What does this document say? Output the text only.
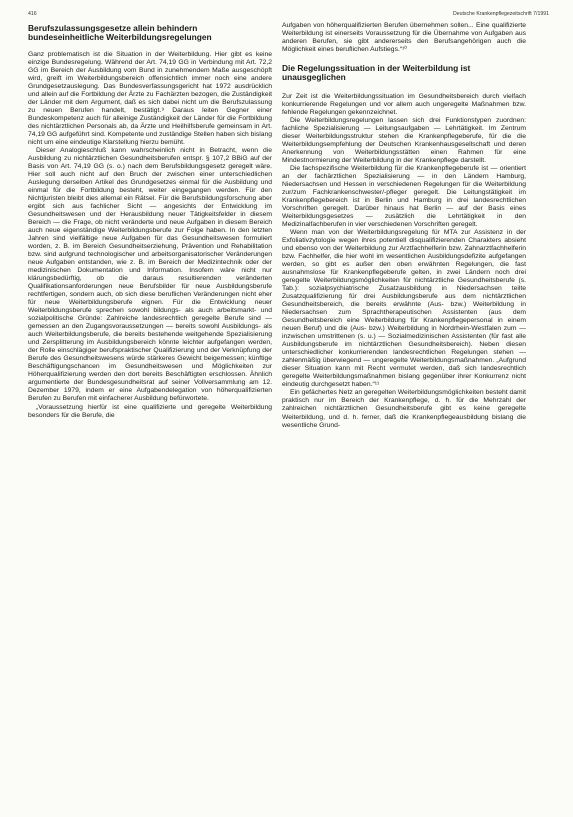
416	Deutsche Krankenpflegezeitschrift 7/1991
Berufszulassungsgesetze allein behindern bundeseinheitliche Weiterbildungsregelungen

Ganz problematisch ist die Situation in der Weiterbildung. Hier gibt es keine einzige Bundesregelung. Während der Art. 74,19 GG in Verbindung mit Art. 72,2 GG im Bereich der Ausbildung vom Bund in zunehmendem Maße ausgeschöpft wird, greift im Weiterbildungsbereich offensichtlich immer noch eine andere Grundgesetzauslegung. Das Bundesverfassungsgericht hat 1972 ausdrücklich und allein auf die Fortbildung der Ärzte zu Fachärzten bezogen, die Zuständigkeit der Länder mit dem Argument, daß es sich dabei nicht um die Berufszulassung zu neuen Berufen handelt, bestätigt.⁹ Daraus leiten Gegner einer Bundeskompetenz auch für alleinige Zuständigkeit der Länder für die Fortbildung des nichtärztlichen Personals ab, da Ärzte und Heilhilfsberufe gemeinsam in Art. 74,19 GG aufgeführt sind. Kompetente und zuständige Stellen haben sich bislang nicht um eine eindeutige Klarstellung hierzu bemüht.

Dieser Analogieschluß kann wahrscheinlich nicht in Betracht, wenn die Ausbildung zu nichtärztlichen Gesundheitsberufen entspr. § 107,2 BBiG auf der Basis von Art. 74,19 GG (s. o.) nach dem Berufsbildungsgesetz geregelt wäre. Hier soll auch nicht auf den Bruch der zwischen einer unterschiedlichen Auslegung derselben Artikel des Grundgesetzes einmal für die Ausbildung und einmal für die Fortbildung besteht, weiter eingegangen werden. Für den Nichtjuristen bleibt dies allemal ein Rätsel. Für die Berufsbildungsforschung aber ergibt sich aus fachlicher Sicht — angesichts der Entwicklung im Gesundheitswesen und der Herausbildung neuer Tätigkeitsfelder in diesem Bereich — die Frage, ob nicht veränderte und neue Aufgaben in diesem Bereich auch neue eigenständige Weiterbildungsberufe zur Folge haben. In den letzten Jahren sind vielfältige neue Aufgaben für das Gesundheitswesen formuliert worden, z. B. im Bereich Gesundheitserziehung, Prävention und Rehabilitation bzw. sind aufgrund technologischer und arbeitsorganisatorischer Veränderungen neue Aufgaben entstanden, wie z. B. im Bereich der Medizintechnik oder der medizinischen Dokumentation und Information. Insofern wäre nicht nur klärungsbedürftig, ob die daraus resultierenden veränderten Qualifikationsanforderungen neue Berufsbilder für neue Ausbildungsberufe rechtfertigen, sondern auch, ob sich diese beruflichen Veränderungen nicht eher für neue Weiterbildungsberufe eignen. Für die Entwicklung neuer Weiterbildungsberufe sprechen sowohl bildungs- als auch arbeitsmarkt- und sozialpolitische Gründe: Zahlreiche landesrechtlich geregelte Berufe sind — gemessen an den Zugangsvoraussetzungen — bereits sowohl Ausbildungs- als auch Weiterbildungsberufe, die bereits bestehende weitgehende Spezialisierung und Zersplitterung im Ausbildungsbereich könnte leichter aufgefangen werden, der Rolle einschlägiger berufspraktischer Qualifizierung und der Verknüpfung der Berufe des Gesundheitswesens würde stärkeres Gewicht beigemessen; künftige Beschäftigungschancen im Gesundheitswesen und Möglichkeiten zur Höherqualifizierung werden den dort bereits Beschäftigten erschlossen. Ähnlich argumentierte der Bundesgesundheitsrat auf seiner Vollversammlung am 12. Dezember 1979, indem er eine Aufgabendelegation von höherqualifizierten Berufen zu Berufen mit einfacherer Ausbildung befürwortete.

„Voraussetzung hierfür ist eine qualifizierte und geregelte Weiterbildung besonders für die Berufe, die

Aufgaben von höherqualifizierten Berufen übernehmen sollen... Eine qualifizierte Weiterbildung ist einerseits Voraussetzung für die Übernahme von Aufgaben aus anderen Berufen, sie gibt andererseits den Berufsangehörigen auch die Möglichkeit eines beruflichen Aufstiegs.“¹⁰

Die Regelungssituation in der Weiterbildung ist unausgeglichen

Zur Zeit ist die Weiterbildungssituation im Gesundheitsbereich durch vielfach konkurrierende Regelungen und vor allem auch ungeregelte Maßnahmen bzw. fehlende Regelungen gekennzeichnet.

Die Weiterbildungsregelungen lassen sich drei Funktionstypen zuordnen: fachliche Spezialisierung — Leitungsaufgaben — Lehrtätigkeit. Im Zentrum dieser Weiterbildungsstruktur stehen die Krankenpflegeberufe, für die die Weiterbildungsempfehlung der Deutschen Krankenhausgesellschaft und deren Anerkennung von Weiterbildungsstätten einen Rahmen für eine Mindestnormierung der Weiterbildung in der Krankenpflege darstellt.

Die fachspezifische Weiterbildung für die Krankenpflegeberufe ist — orientiert an der fachärztlichen Spezialisierung — in den Ländern Hamburg, Niedersachsen und Hessen in verschiedenen Regelungen für die Weiterbildung zur/zum Fachkrankenschwester/-pfleger geregelt. Die Leitungstätigkeit im Krankenpflegebereich ist in Berlin und Hamburg in drei landesrechtlichen Vorschriften geregelt. Darüber hinaus hat Berlin — auf der Basis eines Weiterbildungsgesetzes — zusätzlich die Lehrtätigkeit in den Medizinalfachberufen in vier verschiedenen Vorschriften geregelt.

Wenn man von der Weiterbildungsregelung für MTA zur Assistenz in der Exfoliativzytologie wegen ihres potentiell disqualifizierenden Charakters absieht und ebenso von der Weiterbildung zur Arztfachhelferin bzw. Zahnarztfachhelferin bzw. Fachhelfer, die hier wohl im wesentlichen Ausbildungsdefizite aufgefangen werden, so gibt es außer den oben erwähnten Regelungen, die fast ausnahmslose für Krankenpflegeberufe gelten, in zwei Ländern noch drei geregelte Weiterbildungsmöglichkeiten für nichtärztliche Gesundheitsberufe (s. Tab.): sozialpsychiatrische Zusatzausbildung in Niedersachsen teilte Zusatzqualifizierung für drei Ausbildungsberufe aus dem nichtärztlichen Gesundheitsbereich, die bereits erwähnte (Aus- bzw.) Weiterbildung in Niedersachsen zum Sprachtherapeutischen Assistenten (aus dem Gesundheitsbereich eine Weiterbildung für Krankenpflegepersonal in einem neuen Beruf) und die (Aus- bzw.) Weiterbildung in Nordrhein-Westfalen zum — inzwischen umstrittenen (s. u.) — Sozialmedizinischen Assistenten (für fast alle Ausbildungsberufe im nichtärztlichen Gesundheitsbereich). Neben diesen unterschiedlicher konkurrierenden landesrechtlichen Regelungen stehen — zahlenmäßig überwiegend — ungeregelte Weiterbildungsmaßnahmen. „Aufgrund dieser Situation kann mit Recht vermutet werden, daß sich landesrechtlich geregelte Weiterbildungsmaßnahmen bislang gegenüber ihrer Konkurrenz nicht eindeutig durchgesetzt haben.“¹¹

Ein gefächertes Netz an geregelten Weiterbildungsmöglichkeiten besteht damit praktisch nur im Bereich der Krankenpflege, d. h. für die Mehrzahl der zahlreichen nichtärztlichen Gesundheitsberufe gibt es keine geregelte Weiterbildung, und d. h. ferner, daß die Krankenpflegeausbildung bislang die wesentliche Grund-
